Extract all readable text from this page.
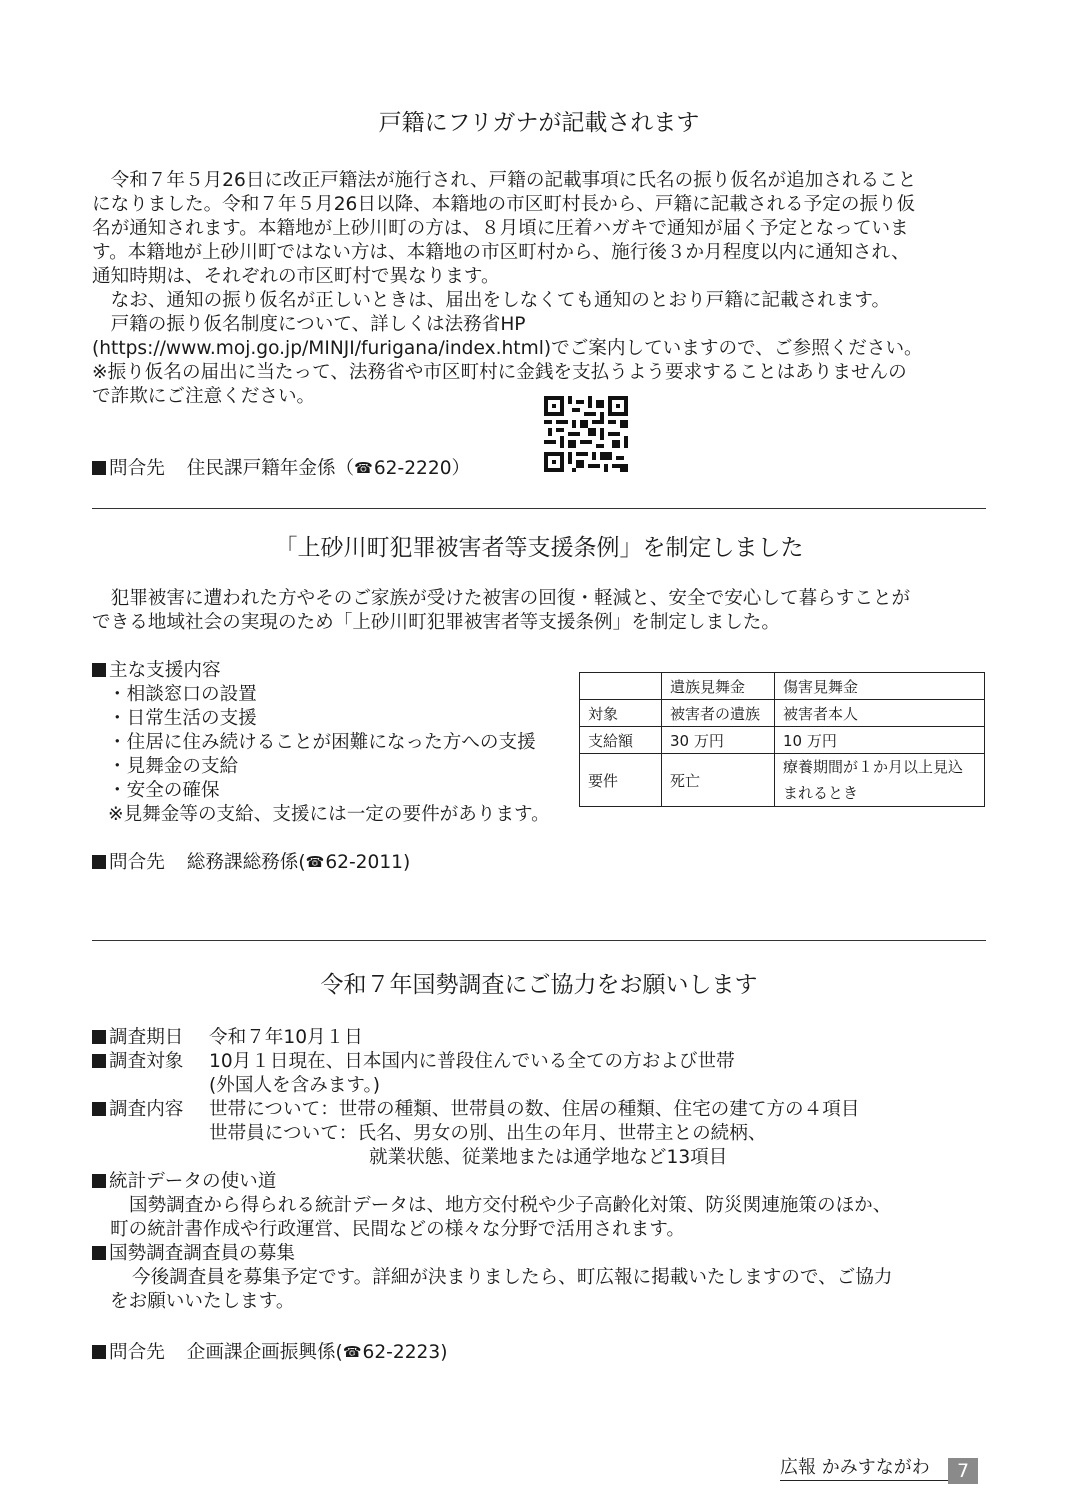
戸籍にフリガナが記載されます
　令和７年５月26日に改正戸籍法が施行され、戸籍の記載事項に氏名の振り仮名が追加されること
になりました。令和７年５月26日以降、本籍地の市区町村長から、戸籍に記載される予定の振り仮
名が通知されます。本籍地が上砂川町の方は、８月頃に圧着ハガキで通知が届く予定となっていま
す。本籍地が上砂川町ではない方は、本籍地の市区町村から、施行後３か月程度以内に通知され、
通知時期は、それぞれの市区町村で異なります。
　なお、通知の振り仮名が正しいときは、届出をしなくても通知のとおり戸籍に記載されます。
　戸籍の振り仮名制度について、詳しくは法務省HP
(https://www.moj.go.jp/MINJI/furigana/index.html)でご案内していますので、ご参照ください。
※振り仮名の届出に当たって、法務省や市区町村に金銭を支払うよう要求することはありませんの
で詐欺にご注意ください。
問合先 住民課戸籍年金係（☎62-2220）
「上砂川町犯罪被害者等支援条例」を制定しました
　犯罪被害に遭われた方やそのご家族が受けた被害の回復・軽減と、安全で安心して暮らすことが
できる地域社会の実現のため「上砂川町犯罪被害者等支援条例」を制定しました。
主な支援内容
・相談窓口の設置
・日常生活の支援
・住居に住み続けることが困難になった方への支援
・見舞金の支給
・安全の確保
※見舞金等の支給、支援には一定の要件があります。
	遺族見舞金	傷害見舞金
対象	被害者の遺族	被害者本人
支給額	30 万円	10 万円
要件	死亡	療養期間が１か月以上見込
まれるとき
問合先 総務課総務係(☎62-2011)
令和７年国勢調査にご協力をお願いします
調査期日 令和７年10月１日
調査対象 10月１日現在、日本国内に普段住んでいる全ての方および世帯
(外国人を含みます。)
調査内容 世帯について：世帯の種類、世帯員の数、住居の種類、住宅の建て方の４項目
世帯員について：氏名、男女の別、出生の年月、世帯主との続柄、
就業状態、従業地または通学地など13項目
統計データの使い道
国勢調査から得られる統計データは、地方交付税や少子高齢化対策、防災関連施策のほか、
町の統計書作成や行政運営、民間などの様々な分野で活用されます。
国勢調査調査員の募集
今後調査員を募集予定です。詳細が決まりましたら、町広報に掲載いたしますので、ご協力
をお願いいたします。
問合先 企画課企画振興係(☎62-2223)
広報 かみすながわ	7
